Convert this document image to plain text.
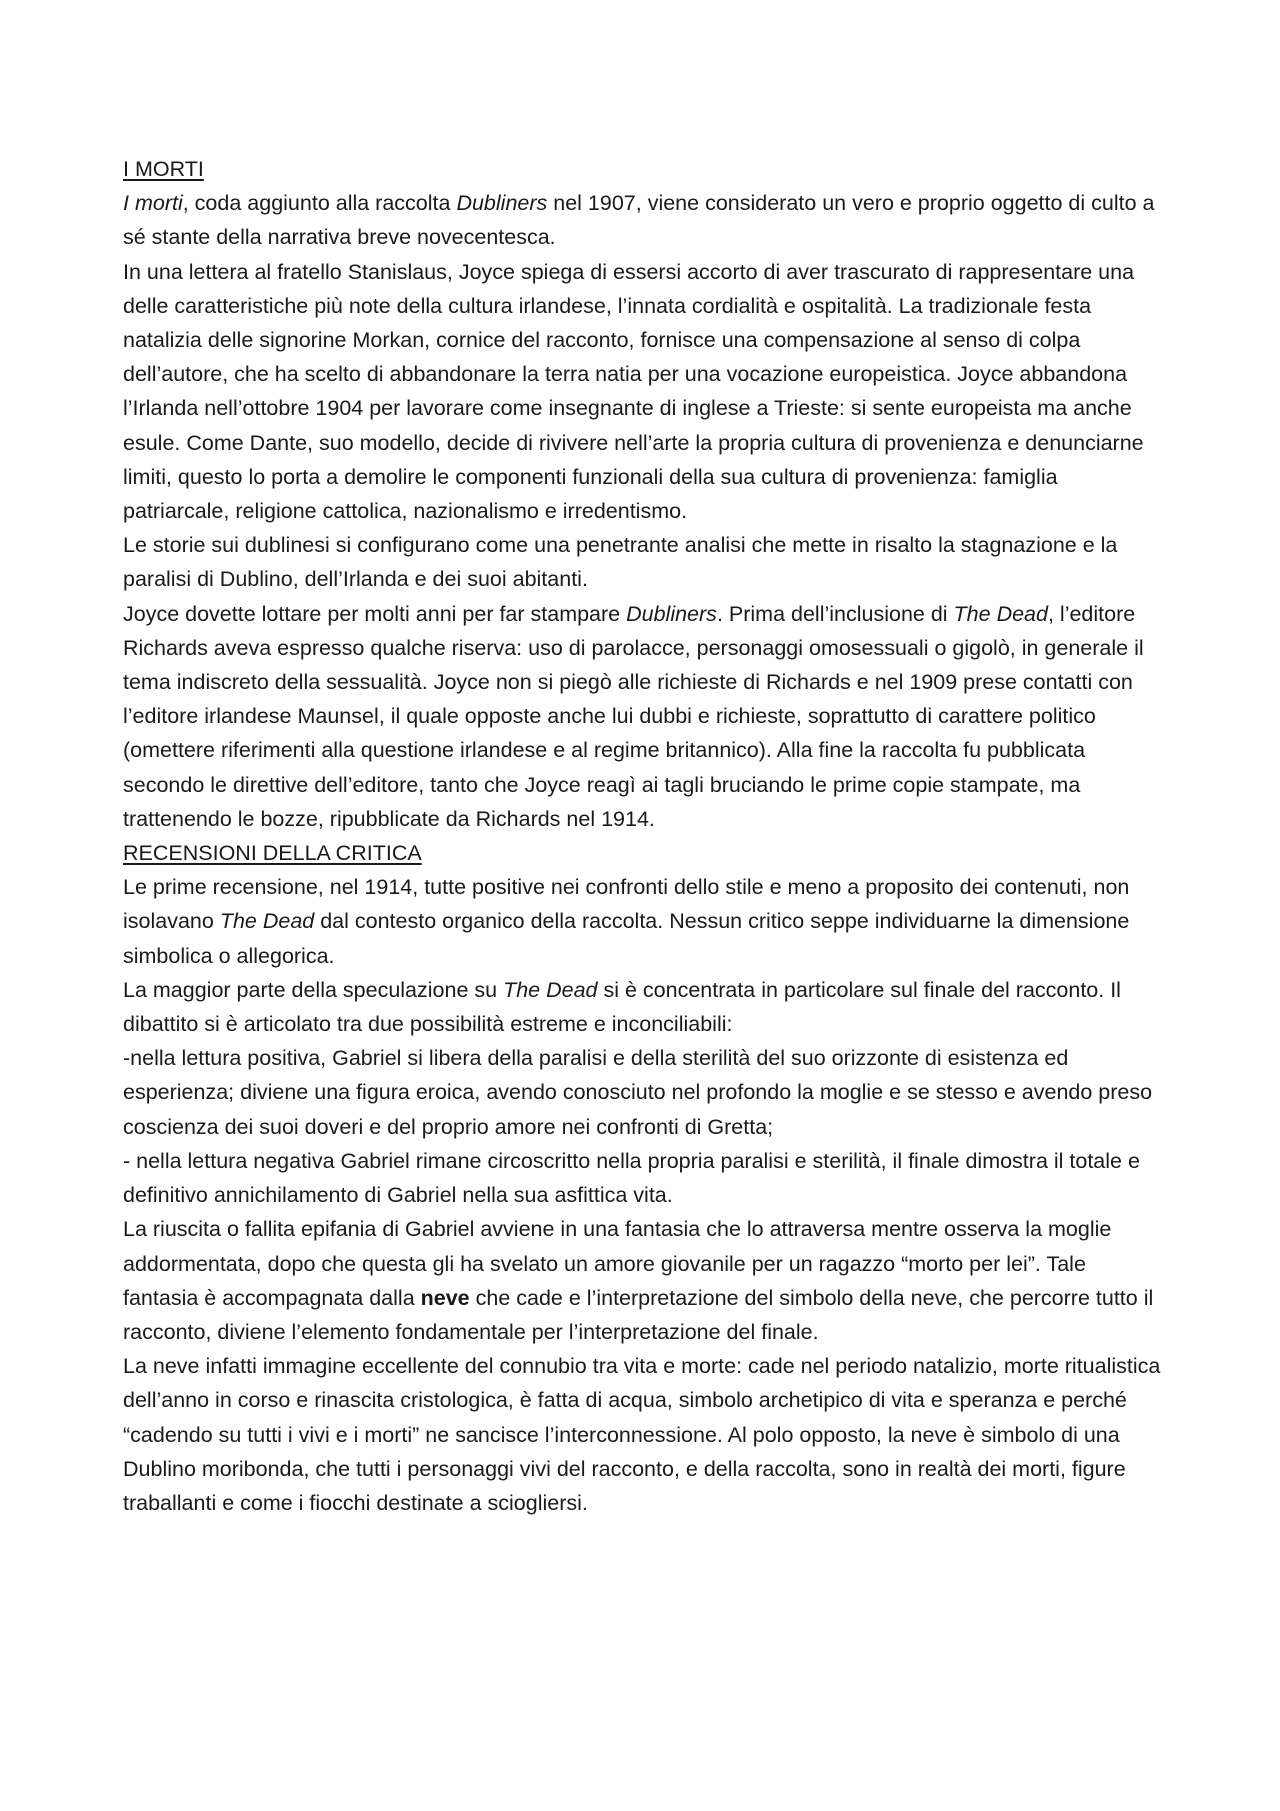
I MORTI

I morti, coda aggiunto alla raccolta Dubliners nel 1907, viene considerato un vero e proprio oggetto di culto a sé stante della narrativa breve novecentesca.

In una lettera al fratello Stanislaus, Joyce spiega di essersi accorto di aver trascurato di rappresentare una delle caratteristiche più note della cultura irlandese, l’innata cordialità e ospitalità. La tradizionale festa natalizia delle signorine Morkan, cornice del racconto, fornisce una compensazione al senso di colpa dell’autore, che ha scelto di abbandonare la terra natia per una vocazione europeistica. Joyce abbandona l’Irlanda nell’ottobre 1904 per lavorare come insegnante di inglese a Trieste: si sente europeista ma anche esule. Come Dante, suo modello, decide di rivivere nell’arte la propria cultura di provenienza e denunciarne limiti, questo lo porta a demolire le componenti funzionali della sua cultura di provenienza: famiglia patriarcale, religione cattolica, nazionalismo e irredentismo.

Le storie sui dublinesi si configurano come una penetrante analisi che mette in risalto la stagnazione e la paralisi di Dublino, dell’Irlanda e dei suoi abitanti.

Joyce dovette lottare per molti anni per far stampare Dubliners. Prima dell’inclusione di The Dead, l’editore Richards aveva espresso qualche riserva: uso di parolacce, personaggi omosessuali o gigolò, in generale il tema indiscreto della sessualità. Joyce non si piegò alle richieste di Richards e nel 1909 prese contatti con l’editore irlandese Maunsel, il quale opposte anche lui dubbi e richieste, soprattutto di carattere politico (omettere riferimenti alla questione irlandese e al regime britannico). Alla fine la raccolta fu pubblicata secondo le direttive dell’editore, tanto che Joyce reagì ai tagli bruciando le prime copie stampate, ma trattenendo le bozze, ripubblicate da Richards nel 1914.

RECENSIONI DELLA CRITICA

Le prime recensione, nel 1914, tutte positive nei confronti dello stile e meno a proposito dei contenuti, non isolavano The Dead dal contesto organico della raccolta. Nessun critico seppe individuarne la dimensione simbolica o allegorica.

La maggior parte della speculazione su The Dead si è concentrata in particolare sul finale del racconto. Il dibattito si è articolato tra due possibilità estreme e inconciliabili:

-nella lettura positiva, Gabriel si libera della paralisi e della sterilità del suo orizzonte di esistenza ed esperienza; diviene una figura eroica, avendo conosciuto nel profondo la moglie e se stesso e avendo preso coscienza dei suoi doveri e del proprio amore nei confronti di Gretta;

- nella lettura negativa Gabriel rimane circoscritto nella propria paralisi e sterilità, il finale dimostra il totale e definitivo annichilamento di Gabriel nella sua asfittica vita.

La riuscita o fallita epifania di Gabriel avviene in una fantasia che lo attraversa mentre osserva la moglie addormentata, dopo che questa gli ha svelato un amore giovanile per un ragazzo “morto per lei”. Tale fantasia è accompagnata dalla neve che cade e l’interpretazione del simbolo della neve, che percorre tutto il racconto, diviene l’elemento fondamentale per l’interpretazione del finale.

La neve infatti immagine eccellente del connubio tra vita e morte: cade nel periodo natalizio, morte ritualistica dell’anno in corso e rinascita cristologica, è fatta di acqua, simbolo archetipico di vita e speranza e perché “cadendo su tutti i vivi e i morti” ne sancisce l’interconnessione. Al polo opposto, la neve è simbolo di una Dublino moribonda, che tutti i personaggi vivi del racconto, e della raccolta, sono in realtà dei morti, figure traballanti e come i fiocchi destinate a sciogliersi.
